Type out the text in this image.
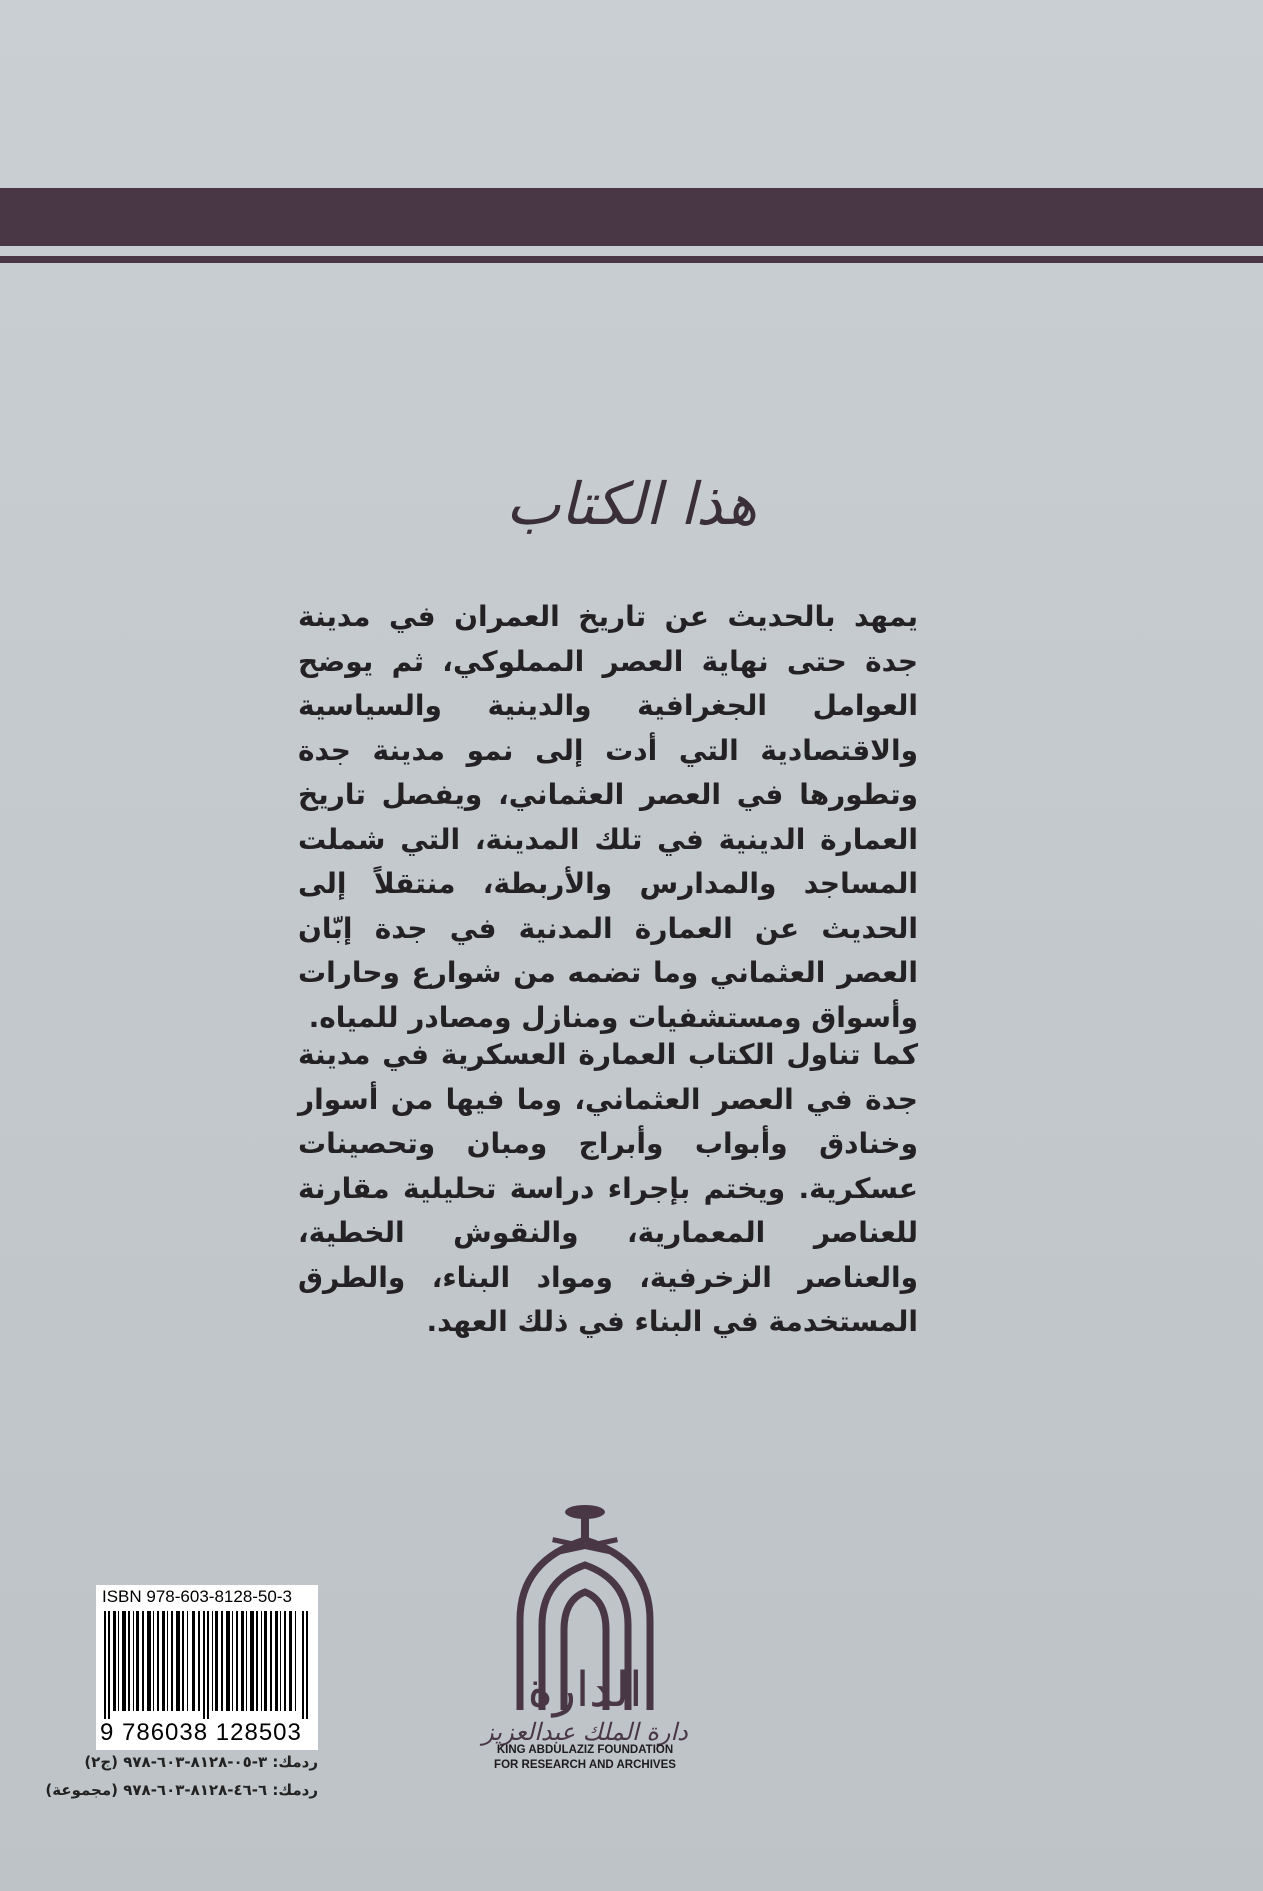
هذا الكتاب
يمهد بالحديث عن تاريخ العمران في مدينة جدة حتى نهاية العصر المملوكي، ثم يوضح العوامل الجغرافية والدينية والسياسية والاقتصادية التي أدت إلى نمو مدينة جدة وتطورها في العصر العثماني، ويفصل تاريخ العمارة الدينية في تلك المدينة، التي شملت المساجد والمدارس والأربطة، منتقلاً إلى الحديث عن العمارة المدنية في جدة إبّان العصر العثماني وما تضمه من شوارع وحارات وأسواق ومستشفيات ومنازل ومصادر للمياه.
كما تناول الكتاب العمارة العسكرية في مدينة جدة في العصر العثماني، وما فيها من أسوار وخنادق وأبواب وأبراج ومبان وتحصينات عسكرية. ويختم بإجراء دراسة تحليلية مقارنة للعناصر المعمارية، والنقوش الخطية، والعناصر الزخرفية، ومواد البناء، والطرق المستخدمة في البناء في ذلك العهد.
ISBN 978-603-8128-50-3
9 786038 128503
ردمك: ٣-٠٥-٨١٢٨-٦٠٣-٩٧٨ (ج٢)
ردمك: ٦-٤٦-٨١٢٨-٦٠٣-٩٧٨ (مجموعة)
الدارة
دارة الملك عبدالعزيز
KING ABDULAZIZ FOUNDATION
FOR RESEARCH AND ARCHIVES
